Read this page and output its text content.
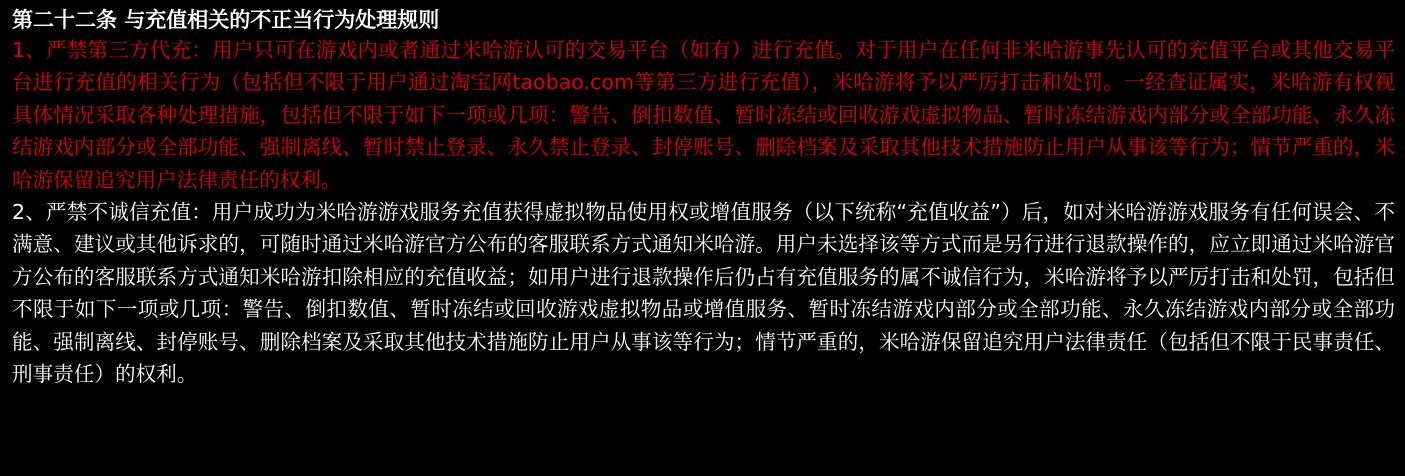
第二十二条 与充值相关的不正当行为处理规则

1、严禁第三方代充：用户只可在游戏内或者通过米哈游认可的交易平台（如有）进行充值。对于用户在任何非米哈游事先认可的充值平台或其他交易平台进行充值的相关行为（包括但不限于用户通过淘宝网taobao.com等第三方进行充值），米哈游将予以严厉打击和处罚。一经查证属实，米哈游有权视具体情况采取各种处理措施，包括但不限于如下一项或几项：警告、倒扣数值、暂时冻结或回收游戏虚拟物品、暂时冻结游戏内部分或全部功能、永久冻结游戏内部分或全部功能、强制离线、暂时禁止登录、永久禁止登录、封停账号、删除档案及采取其他技术措施防止用户从事该等行为；情节严重的，米哈游保留追究用户法律责任的权利。

2、严禁不诚信充值：用户成功为米哈游游戏服务充值获得虚拟物品使用权或增值服务（以下统称“充值收益”）后，如对米哈游游戏服务有任何误会、不满意、建议或其他诉求的，可随时通过米哈游官方公布的客服联系方式通知米哈游。用户未选择该等方式而是另行进行退款操作的，应立即通过米哈游官方公布的客服联系方式通知米哈游扣除相应的充值收益；如用户进行退款操作后仍占有充值服务的属不诚信行为，米哈游将予以严厉打击和处罚，包括但不限于如下一项或几项：警告、倒扣数值、暂时冻结或回收游戏虚拟物品或增值服务、暂时冻结游戏内部分或全部功能、永久冻结游戏内部分或全部功能、强制离线、封停账号、删除档案及采取其他技术措施防止用户从事该等行为；情节严重的，米哈游保留追究用户法律责任（包括但不限于民事责任、刑事责任）的权利。
